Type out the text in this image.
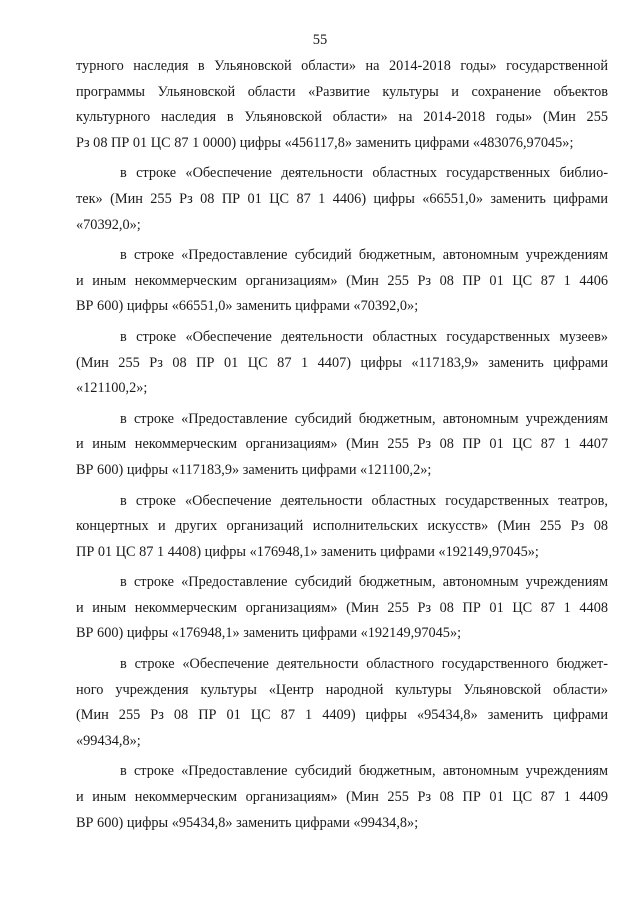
55
турного наследия в Ульяновской области» на 2014-2018 годы» государственной
программы Ульяновской области «Развитие культуры и сохранение объектов
культурного наследия в Ульяновской области» на 2014-2018 годы» (Мин 255
Рз 08 ПР 01 ЦС 87 1 0000) цифры «456117,8» заменить цифрами «483076,97045»;
в строке «Обеспечение деятельности областных государственных библио-
тек» (Мин 255 Рз 08 ПР 01 ЦС 87 1 4406) цифры «66551,0» заменить цифрами
«70392,0»;
в строке «Предоставление субсидий бюджетным, автономным учреждениям
и иным некоммерческим организациям» (Мин 255 Рз 08 ПР 01 ЦС 87 1 4406
ВР 600) цифры «66551,0» заменить цифрами «70392,0»;
в строке «Обеспечение деятельности областных государственных музеев»
(Мин 255 Рз 08 ПР 01 ЦС 87 1 4407) цифры «117183,9» заменить цифрами
«121100,2»;
в строке «Предоставление субсидий бюджетным, автономным учреждениям
и иным некоммерческим организациям» (Мин 255 Рз 08 ПР 01 ЦС 87 1 4407
ВР 600) цифры «117183,9» заменить цифрами «121100,2»;
в строке «Обеспечение деятельности областных государственных театров,
концертных и других организаций исполнительских искусств» (Мин 255 Рз 08
ПР 01 ЦС 87 1 4408) цифры «176948,1» заменить цифрами «192149,97045»;
в строке «Предоставление субсидий бюджетным, автономным учреждениям
и иным некоммерческим организациям» (Мин 255 Рз 08 ПР 01 ЦС 87 1 4408
ВР 600) цифры «176948,1» заменить цифрами «192149,97045»;
в строке «Обеспечение деятельности областного государственного бюджет-
ного учреждения культуры «Центр народной культуры Ульяновской области»
(Мин 255 Рз 08 ПР 01 ЦС 87 1 4409) цифры «95434,8» заменить цифрами
«99434,8»;
в строке «Предоставление субсидий бюджетным, автономным учреждениям
и иным некоммерческим организациям» (Мин 255 Рз 08 ПР 01 ЦС 87 1 4409
ВР 600) цифры «95434,8» заменить цифрами «99434,8»;
